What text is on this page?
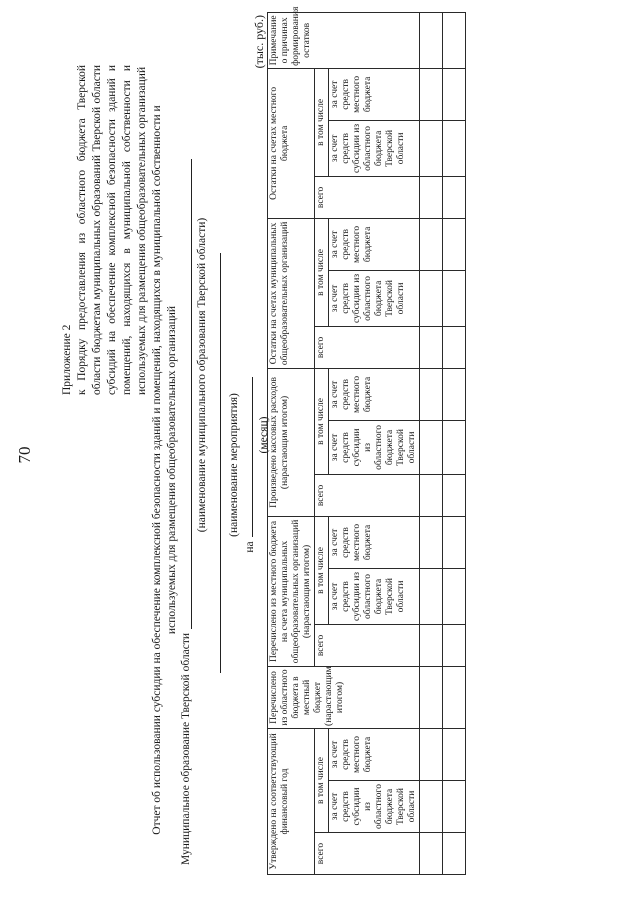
70
Приложение 2 к Порядку предоставления из областного бюджета Тверской области бюджетам муниципальных образований Тверской области субсидий на обеспечение комплексной безопасности зданий и помещений, находящихся в муниципальной собственности и используемых для размещения общеобразовательных организаций Отчет об использовании субсидии на обеспечение комплексной безопасности зданий и помещений, находящихся в муниципальной собственности и используемых для размещения общеобразовательных организаций
Муниципальное образование Тверской области
(наименование муниципального образования Тверской области) (наименование мероприятия)
на
(месяц)
(тыс. руб.)
Утверждено на соответствующий финансовый год			Перечислено из областного бюджета в местный бюджет (нарастающим итогом)	Перечислено из местного бюджета на счета муниципальных общеобразовательных организаций (нарастающим итогом)			Произведено кассовых расходов (нарастающим итогом)			Остатки на счетах муниципальных общеобразовательных организаций			Остатки на счетах местного бюджета			Примечание о причинах формирования остатков
всего	в том числе			всего	в том числе		всего	в том числе		всего	в том числе		всего	в том числе		
	за счет средств субсидии из областного бюджета Тверской области	за счет средств местного бюджета			за счет средств субсидии из областного бюджета Тверской области	за счет средств местного бюджета		за счет средств субсидии из областного бюджета Тверской области	за счет средств местного бюджета		за счет средств субсидии из областного бюджета Тверской области	за счет средств местного бюджета		за счет средств субсидии из областного бюджета Тверской области	за счет средств местного бюджета	
